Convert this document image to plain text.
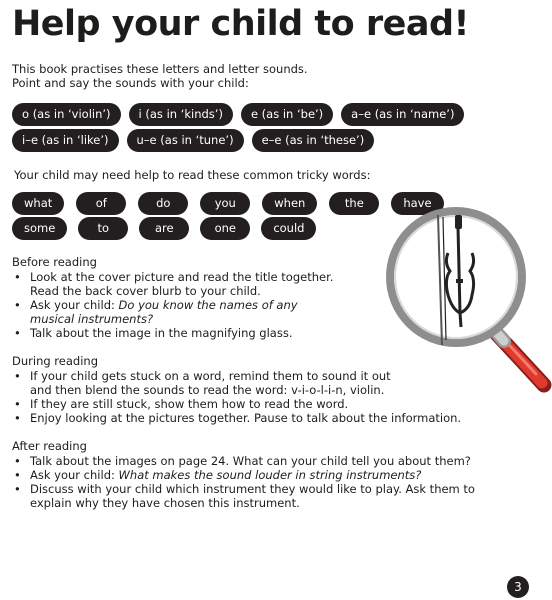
Help your child to read!
This book practises these letters and letter sounds.
Point and say the sounds with your child:
o (as in ‘violin’)	i (as in ‘kinds’)	e (as in ‘be’)	a–e (as in ‘name’)
i–e (as in ‘like’)	u–e (as in ‘tune’)	e–e (as in ‘these’)
Your child may need help to read these common tricky words:
what	of	do	you	when	the	have
some	to	are	one	could
Before reading
• Look at the cover picture and read the title together.
Read the back cover blurb to your child.
• Ask your child: Do you know the names of any
musical instruments?
• Talk about the image in the magnifying glass.
During reading
• If your child gets stuck on a word, remind them to sound it out
and then blend the sounds to read the word: v-i-o-l-i-n, violin.
• If they are still stuck, show them how to read the word.
• Enjoy looking at the pictures together. Pause to talk about the information.
After reading
• Talk about the images on page 24. What can your child tell you about them?
• Ask your child: What makes the sound louder in string instruments?
• Discuss with your child which instrument they would like to play. Ask them to
explain why they have chosen this instrument.
3
